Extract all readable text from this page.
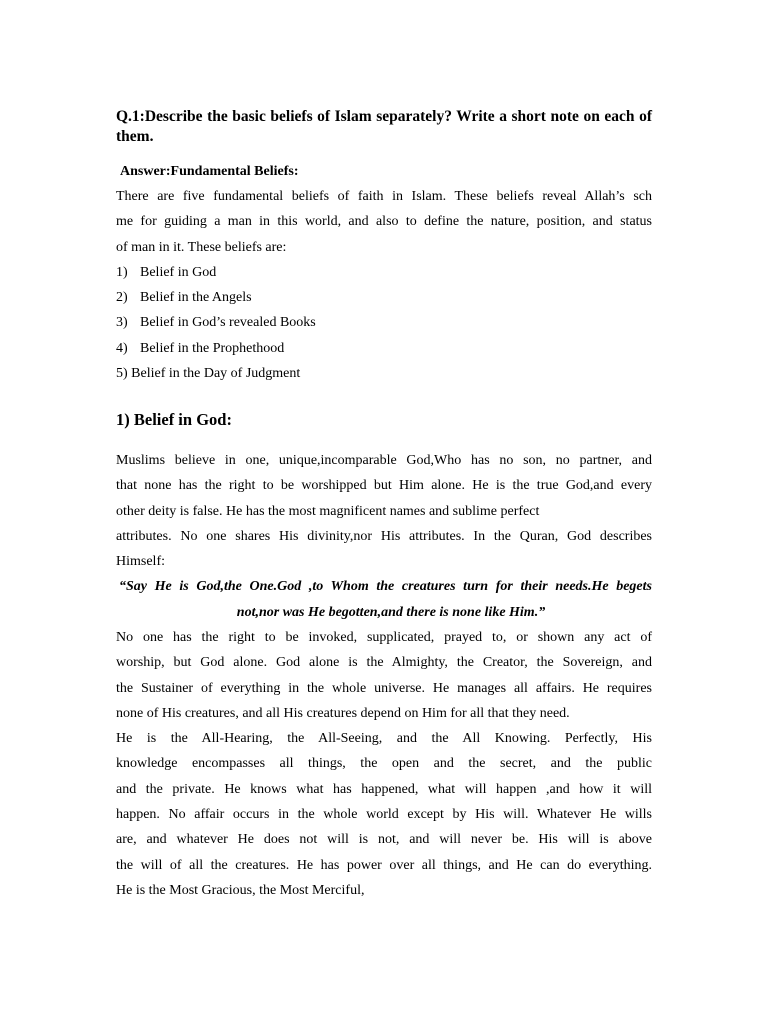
Q.1:Describe the basic beliefs of Islam separately? Write a short note on each of them.

Answer:Fundamental Beliefs:
There are five fundamental beliefs of faith in Islam. These beliefs reveal Allah’s sch
me for guiding a man in this world, and also to define the nature, position, and status
of man in it. These beliefs are:
1) Belief in God
2) Belief in the Angels
3) Belief in God’s revealed Books
4) Belief in the Prophethood
5) Belief in the Day of Judgment
1) Belief in God:
Muslims believe in one, unique,incomparable God,Who has no son, no partner, and
that none has the right to be worshipped but Him alone. He is the true God,and every
other deity is false. He has the most magnificent names and sublime perfect
attributes. No one shares His divinity,nor His attributes. In the Quran, God describes
Himself:
“Say He is God,the One.God ,to Whom the creatures turn for their needs.He begets
not,nor was He begotten,and there is none like Him.”
No one has the right to be invoked, supplicated, prayed to, or shown any act of
worship, but God alone. God alone is the Almighty, the Creator, the Sovereign, and
the Sustainer of everything in the whole universe. He manages all affairs. He requires
none of His creatures, and all His creatures depend on Him for all that they need.
He is the All-Hearing, the All-Seeing, and the All Knowing. Perfectly, His
knowledge encompasses all things, the open and the secret, and the public
and the private. He knows what has happened, what will happen ,and how it will
happen. No affair occurs in the whole world except by His will. Whatever He wills
are, and whatever He does not will is not, and will never be. His will is above
the will of all the creatures. He has power over all things, and He can do everything.
He is the Most Gracious, the Most Merciful,
